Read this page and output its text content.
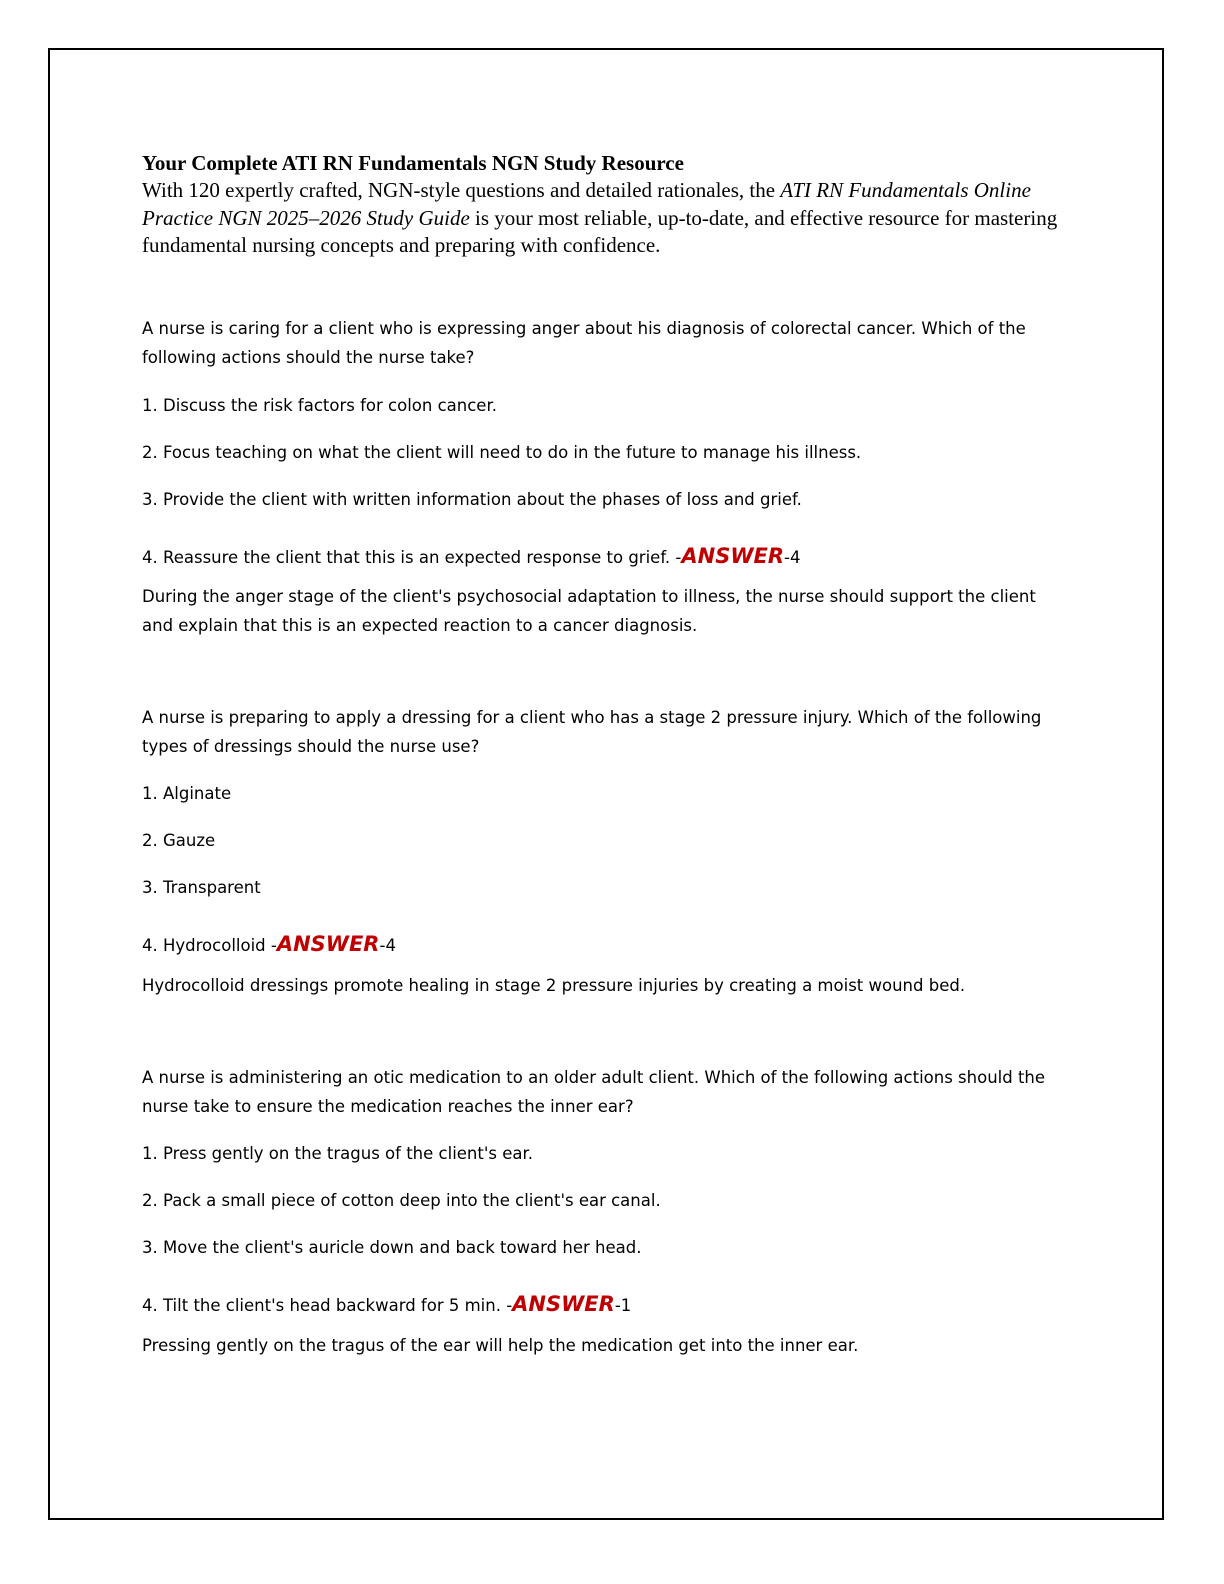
Your Complete ATI RN Fundamentals NGN Study Resource

With 120 expertly crafted, NGN-style questions and detailed rationales, the ATI RN Fundamentals Online Practice NGN 2025–2026 Study Guide is your most reliable, up-to-date, and effective resource for mastering fundamental nursing concepts and preparing with confidence.

A nurse is caring for a client who is expressing anger about his diagnosis of colorectal cancer. Which of the following actions should the nurse take?

1. Discuss the risk factors for colon cancer.

2. Focus teaching on what the client will need to do in the future to manage his illness.

3. Provide the client with written information about the phases of loss and grief.

4. Reassure the client that this is an expected response to grief. -ANSWER-4

During the anger stage of the client's psychosocial adaptation to illness, the nurse should support the client and explain that this is an expected reaction to a cancer diagnosis.

A nurse is preparing to apply a dressing for a client who has a stage 2 pressure injury. Which of the following types of dressings should the nurse use?

1. Alginate

2. Gauze

3. Transparent

4. Hydrocolloid -ANSWER-4

Hydrocolloid dressings promote healing in stage 2 pressure injuries by creating a moist wound bed.

A nurse is administering an otic medication to an older adult client. Which of the following actions should the nurse take to ensure the medication reaches the inner ear?

1. Press gently on the tragus of the client's ear.

2. Pack a small piece of cotton deep into the client's ear canal.

3. Move the client's auricle down and back toward her head.

4. Tilt the client's head backward for 5 min. -ANSWER-1

Pressing gently on the tragus of the ear will help the medication get into the inner ear.
